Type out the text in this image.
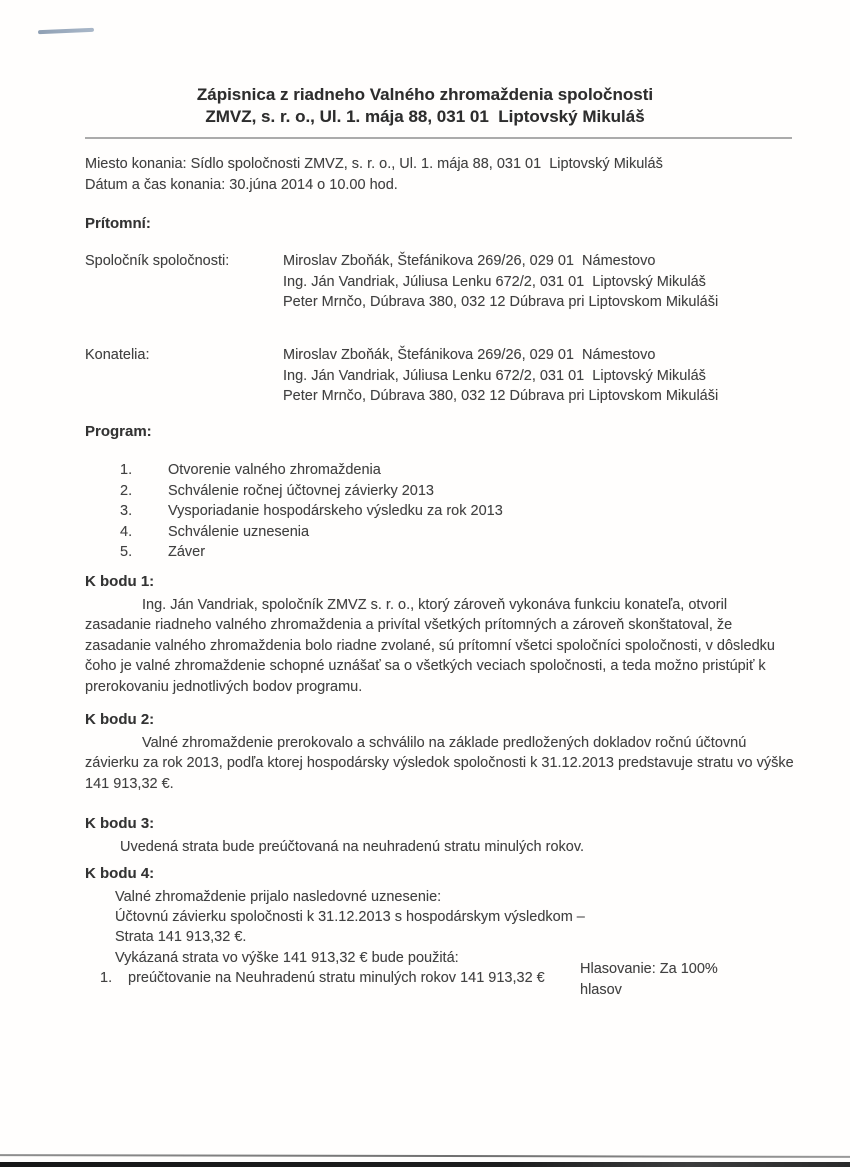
Zápisnica z riadneho Valného zhromaždenia spoločnosti
ZMVZ, s. r. o., Ul. 1. mája 88, 031 01  Liptovský Mikuláš
Miesto konania: Sídlo spoločnosti ZMVZ, s. r. o., Ul. 1. mája 88, 031 01  Liptovský Mikuláš
Dátum a čas konania: 30.júna 2014 o 10.00 hod.
Prítomní:
Spoločník spoločnosti:	Miroslav Zboňák, Štefánikova 269/26, 029 01  Námestovo
Ing. Ján Vandriak, Júliusa Lenku 672/2, 031 01  Liptovský Mikuláš
Peter Mrnčo, Dúbrava 380, 032 12 Dúbrava pri Liptovskom Mikuláši
Konatelia:	Miroslav Zboňák, Štefánikova 269/26, 029 01  Námestovo
Ing. Ján Vandriak, Júliusa Lenku 672/2, 031 01  Liptovský Mikuláš
Peter Mrnčo, Dúbrava 380, 032 12 Dúbrava pri Liptovskom Mikuláši
Program:
1.	Otvorenie valného zhromaždenia
2.	Schválenie ročnej účtovnej závierky 2013
3.	Vysporiadanie hospodárskeho výsledku za rok 2013
4.	Schválenie uznesenia
5.	Záver
K bodu 1:
Ing. Ján Vandriak, spoločník ZMVZ s. r. o., ktorý zároveň vykonáva funkciu konateľa, otvoril zasadanie riadneho valného zhromaždenia a privítal všetkých prítomných a zároveň skonštatoval, že zasadanie valného zhromaždenia bolo riadne zvolané, sú prítomní všetci spoločníci spoločnosti, v dôsledku čoho je valné zhromaždenie schopné uznášať sa o všetkých veciach spoločnosti, a teda možno pristúpiť k prerokovaniu jednotlivých bodov programu.
K bodu 2:
Valné zhromaždenie prerokovalo a schválilo na základe predložených dokladov ročnú účtovnú závierku za rok 2013, podľa ktorej hospodársky výsledok spoločnosti k 31.12.2013 predstavuje stratu vo výške 141 913,32 €.
K bodu 3:
Uvedená strata bude preúčtovaná na neuhradenú stratu minulých rokov.
K bodu 4:
Valné zhromaždenie prijalo nasledovné uznesenie:
Účtovnú závierku spoločnosti k 31.12.2013 s hospodárskym výsledkom –
Strata 141 913,32 €.
Vykázaná strata vo výške 141 913,32 € bude použitá:
1.	preúčtovanie na Neuhradenú stratu minulých rokov 141 913,32 €
Hlasovanie: Za 100%
hlasov
